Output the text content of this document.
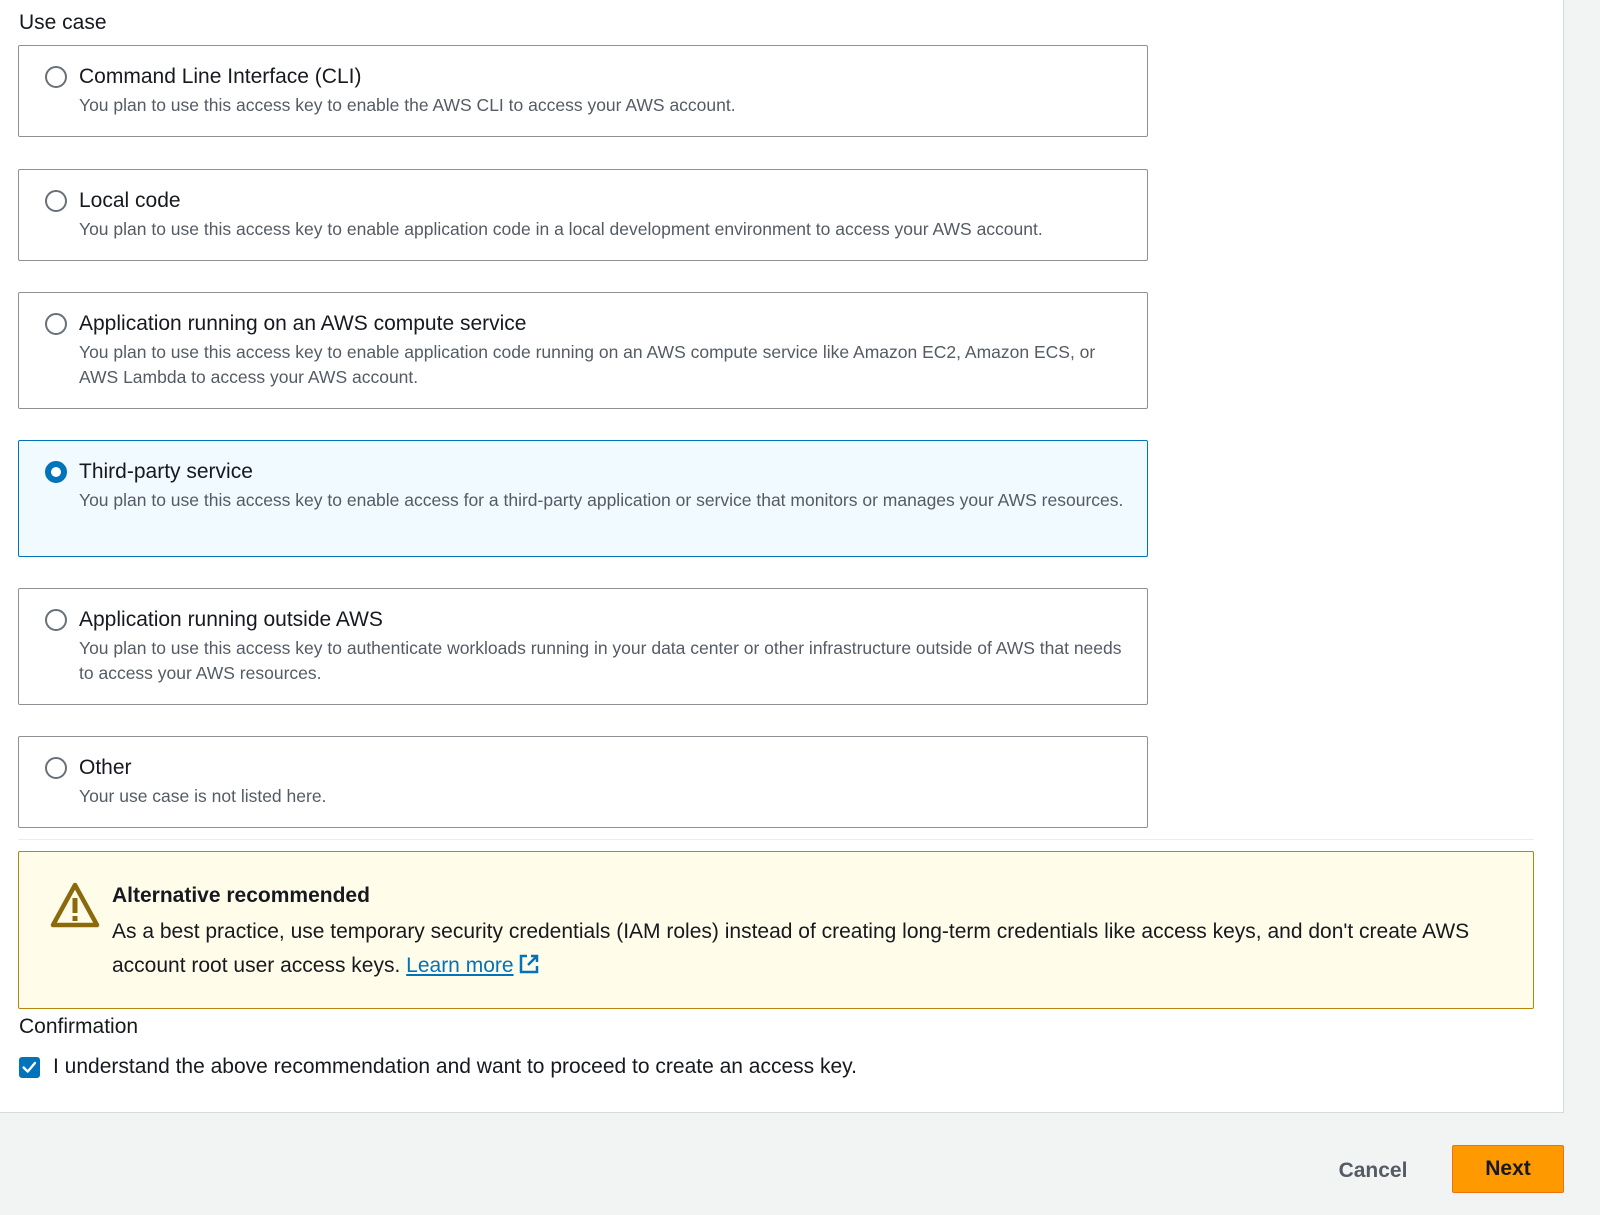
Use case
Command Line Interface (CLI)
You plan to use this access key to enable the AWS CLI to access your AWS account.
Local code
You plan to use this access key to enable application code in a local development environment to access your AWS account.
Application running on an AWS compute service
You plan to use this access key to enable application code running on an AWS compute service like Amazon EC2, Amazon ECS, or AWS Lambda to access your AWS account.
Third-party service
You plan to use this access key to enable access for a third-party application or service that monitors or manages your AWS resources.
Application running outside AWS
You plan to use this access key to authenticate workloads running in your data center or other infrastructure outside of AWS that needs to access your AWS resources.
Other
Your use case is not listed here.
Alternative recommended
As a best practice, use temporary security credentials (IAM roles) instead of creating long-term credentials like access keys, and don't create AWS account root user access keys. Learn more
Confirmation
I understand the above recommendation and want to proceed to create an access key.
Cancel	Next
